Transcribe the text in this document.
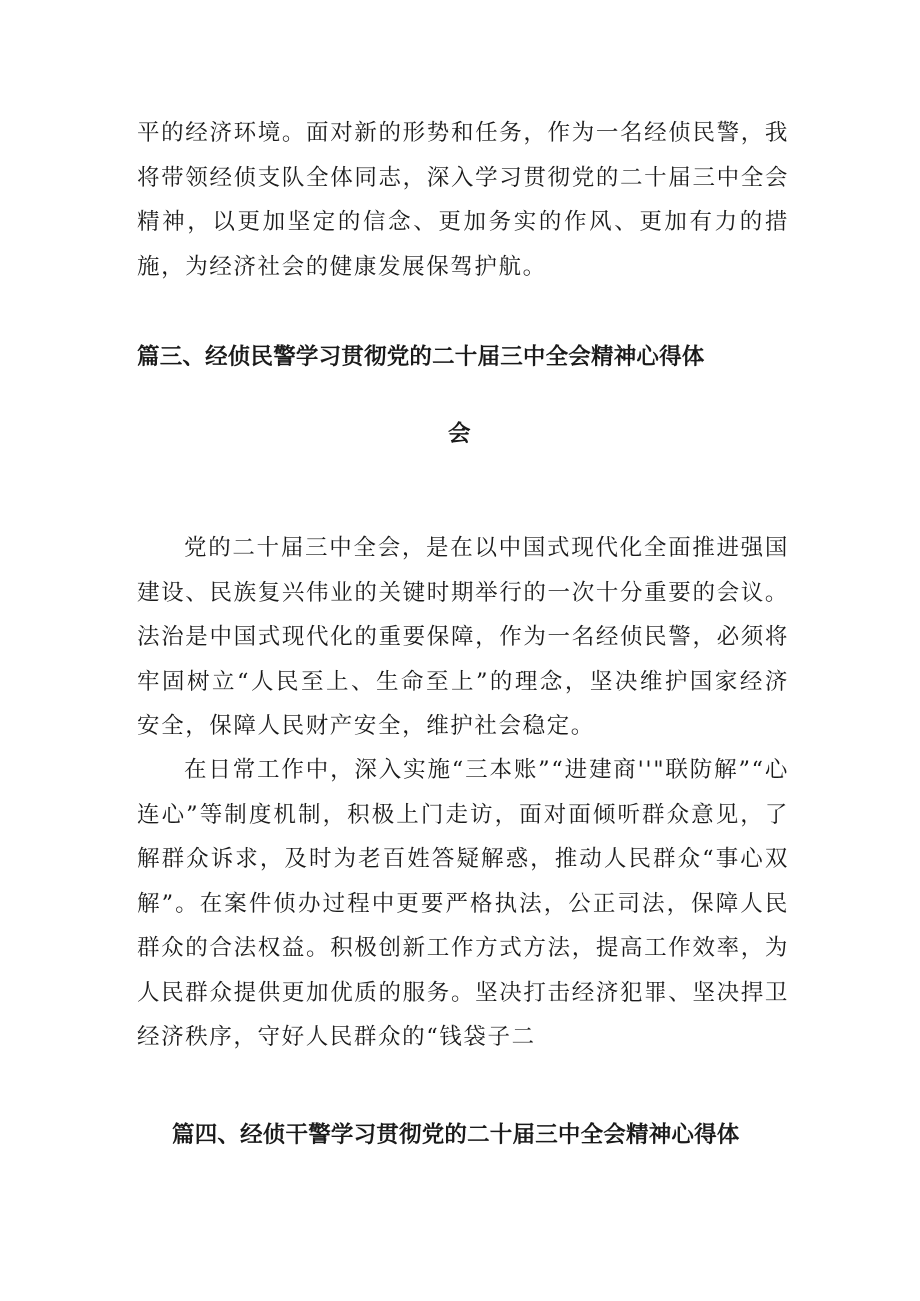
平的经济环境。面对新的形势和任务，作为一名经侦民警，我将带领经侦支队全体同志，深入学习贯彻党的二十届三中全会精神，以更加坚定的信念、更加务实的作风、更加有力的措施，为经济社会的健康发展保驾护航。

篇三、经侦民警学习贯彻党的二十届三中全会精神心得体
会

党的二十届三中全会，是在以中国式现代化全面推进强国建设、民族复兴伟业的关键时期举行的一次十分重要的会议。法治是中国式现代化的重要保障，作为一名经侦民警，必须将牢固树立“人民至上、生命至上”的理念，坚决维护国家经济安全，保障人民财产安全，维护社会稳定。

在日常工作中，深入实施“三本账”“进建商''"联防解”“心连心”等制度机制，积极上门走访，面对面倾听群众意见，了解群众诉求，及时为老百姓答疑解惑，推动人民群众“事心双解”。在案件侦办过程中更要严格执法，公正司法，保障人民群众的合法权益。积极创新工作方式方法，提高工作效率，为人民群众提供更加优质的服务。坚决打击经济犯罪、坚决捍卫经济秩序，守好人民群众的“钱袋子二

篇四、经侦干警学习贯彻党的二十届三中全会精神心得体
